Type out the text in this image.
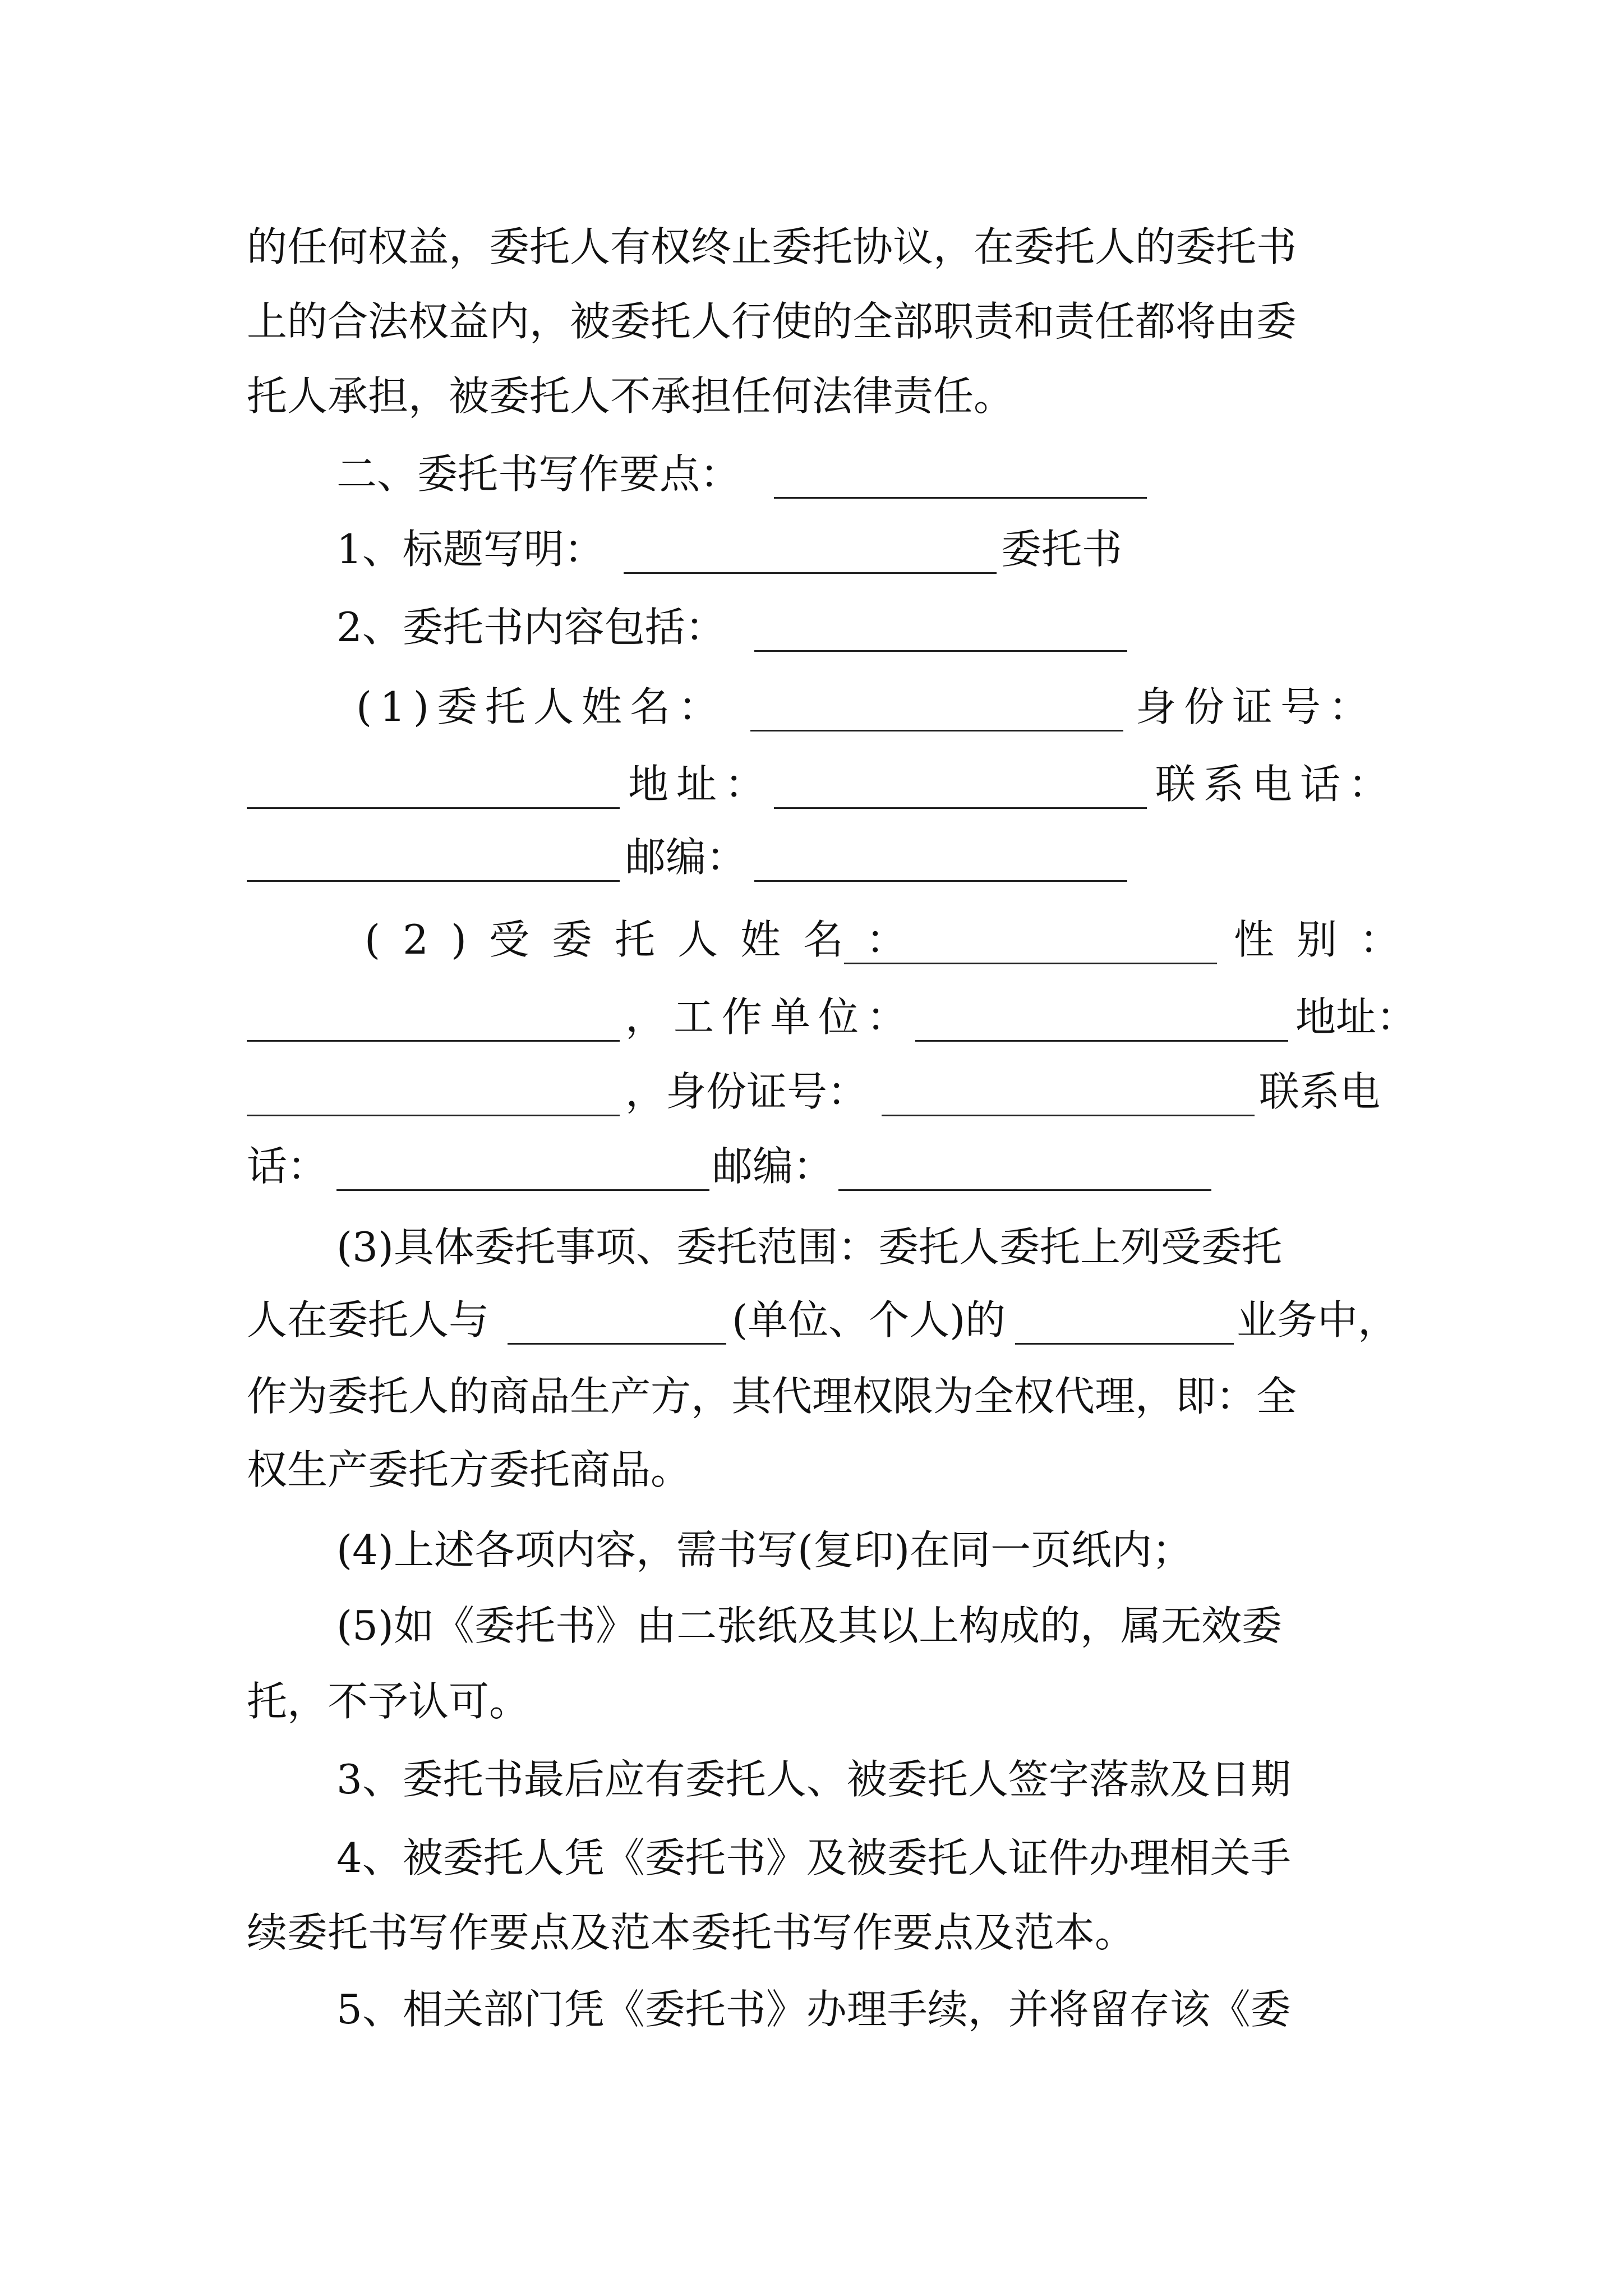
的任何权益，委托人有权终止委托协议，在委托人的委托书
上的合法权益内，被委托人行使的全部职责和责任都将由委
托人承担，被委托人不承担任何法律责任。
二、委托书写作要点：
1、标题写明：	委托书
2、委托书内容包括：
(1)委托人姓名：	身份证号：
地址：	联系电话：
邮编：
(2)受委托人姓名：	性别：
，工作单位：	地址：
，身份证号：	联系电
话：	邮编：
(3)具体委托事项、委托范围：委托人委托上列受委托
人在委托人与	(单位、个人)的	业务中，
作为委托人的商品生产方，其代理权限为全权代理，即：全
权生产委托方委托商品。
(4)上述各项内容，需书写(复印)在同一页纸内；
(5)如《委托书》由二张纸及其以上构成的，属无效委
托，不予认可。
3、委托书最后应有委托人、被委托人签字落款及日期
4、被委托人凭《委托书》及被委托人证件办理相关手
续委托书写作要点及范本委托书写作要点及范本。
5、相关部门凭《委托书》办理手续，并将留存该《委
